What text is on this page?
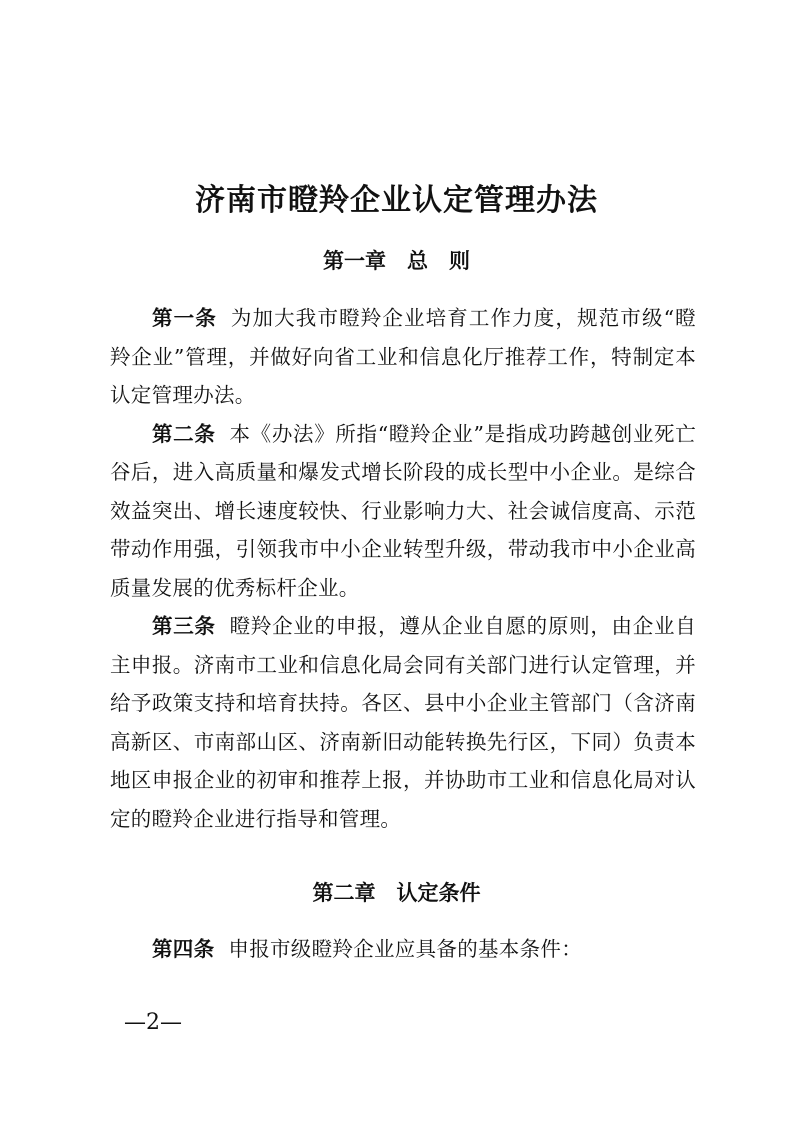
济南市瞪羚企业认定管理办法
第一章　总　则

第一条 为加大我市瞪羚企业培育工作力度，规范市级“瞪羚企业”管理，并做好向省工业和信息化厅推荐工作，特制定本认定管理办法。

第二条 本《办法》所指“瞪羚企业”是指成功跨越创业死亡谷后，进入高质量和爆发式增长阶段的成长型中小企业。是综合效益突出、增长速度较快、行业影响力大、社会诚信度高、示范带动作用强，引领我市中小企业转型升级，带动我市中小企业高质量发展的优秀标杆企业。

第三条 瞪羚企业的申报，遵从企业自愿的原则，由企业自主申报。济南市工业和信息化局会同有关部门进行认定管理，并给予政策支持和培育扶持。各区、县中小企业主管部门（含济南高新区、市南部山区、济南新旧动能转换先行区，下同）负责本地区申报企业的初审和推荐上报，并协助市工业和信息化局对认定的瞪羚企业进行指导和管理。

第二章　认定条件

第四条 申报市级瞪羚企业应具备的基本条件：

—2—
